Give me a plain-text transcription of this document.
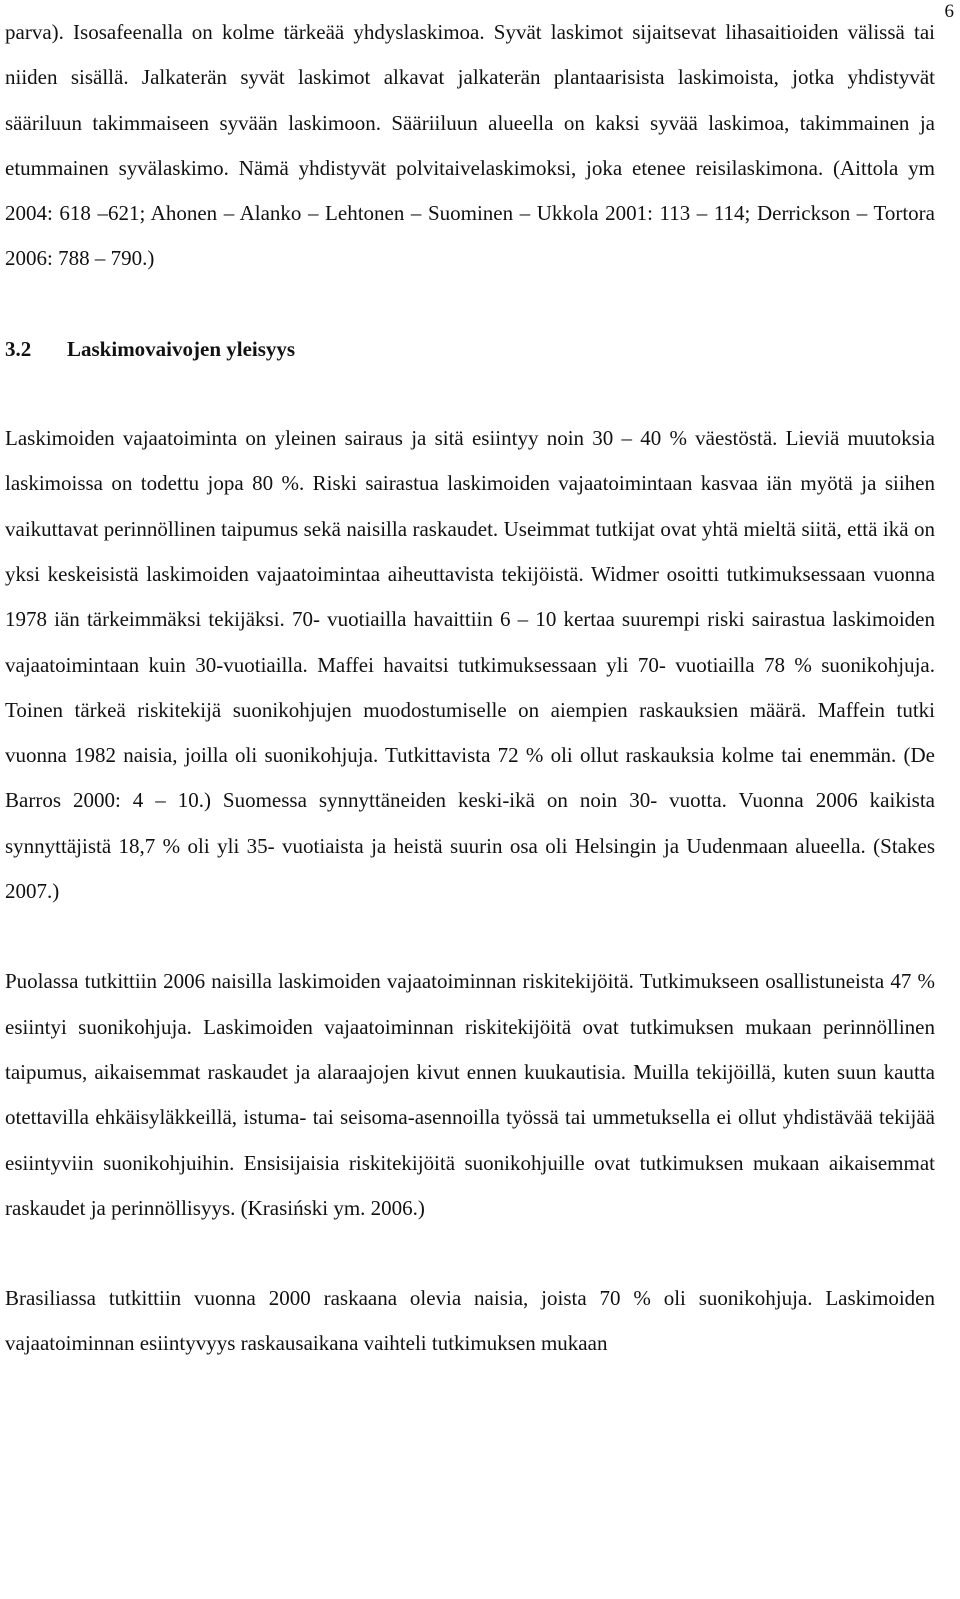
6

parva). Isosafeenalla on kolme tärkeää yhdyslaskimoa. Syvät laskimot sijaitsevat lihasaitioiden välissä tai niiden sisällä. Jalkaterän syvät laskimot alkavat jalkaterän plantaarisista laskimoista, jotka yhdistyvät sääriluun takimmaiseen syvään laskimoon. Sääriiluun alueella on kaksi syvää laskimoa, takimmainen ja etummainen syvälaskimo. Nämä yhdistyvät polvitaivelaskimoksi, joka etenee reisilaskimona. (Aittola ym 2004: 618 –621; Ahonen – Alanko – Lehtonen – Suominen – Ukkola 2001: 113 – 114; Derrickson – Tortora 2006: 788 – 790.)

3.2	Laskimovaivojen yleisyys

Laskimoiden vajaatoiminta on yleinen sairaus ja sitä esiintyy noin 30 – 40 % väestöstä. Lieviä muutoksia laskimoissa on todettu jopa 80 %. Riski sairastua laskimoiden vajaatoimintaan kasvaa iän myötä ja siihen vaikuttavat perinnöllinen taipumus sekä naisilla raskaudet. Useimmat tutkijat ovat yhtä mieltä siitä, että ikä on yksi keskeisistä laskimoiden vajaatoimintaa aiheuttavista tekijöistä. Widmer osoitti tutkimuksessaan vuonna 1978 iän tärkeimmäksi tekijäksi. 70- vuotiailla havaittiin 6 – 10 kertaa suurempi riski sairastua laskimoiden vajaatoimintaan kuin 30-vuotiailla. Maffei havaitsi tutkimuksessaan yli 70- vuotiailla 78 % suonikohjuja. Toinen tärkeä riskitekijä suonikohjujen muodostumiselle on aiempien raskauksien määrä. Maffein tutki vuonna 1982 naisia, joilla oli suonikohjuja. Tutkittavista 72 % oli ollut raskauksia kolme tai enemmän. (De Barros 2000: 4 – 10.) Suomessa synnyttäneiden keski-ikä on noin 30- vuotta. Vuonna 2006 kaikista synnyttäjistä 18,7 % oli yli 35- vuotiaista ja heistä suurin osa oli Helsingin ja Uudenmaan alueella. (Stakes 2007.)

Puolassa tutkittiin 2006 naisilla laskimoiden vajaatoiminnan riskitekijöitä. Tutkimukseen osallistuneista 47 % esiintyi suonikohjuja. Laskimoiden vajaatoiminnan riskitekijöitä ovat tutkimuksen mukaan perinnöllinen taipumus, aikaisemmat raskaudet ja alaraajojen kivut ennen kuukautisia. Muilla tekijöillä, kuten suun kautta otettavilla ehkäisyläkkeillä, istuma- tai seisoma-asennoilla työssä tai ummetuksella ei ollut yhdistävää tekijää esiintyviin suonikohjuihin. Ensisijaisia riskitekijöitä suonikohjuille ovat tutkimuksen mukaan aikaisemmat raskaudet ja perinnöllisyys. (Krasiński ym. 2006.)

Brasiliassa tutkittiin vuonna 2000 raskaana olevia naisia, joista 70 % oli suonikohjuja. Laskimoiden vajaatoiminnan esiintyvyys raskausaikana vaihteli tutkimuksen mukaan
